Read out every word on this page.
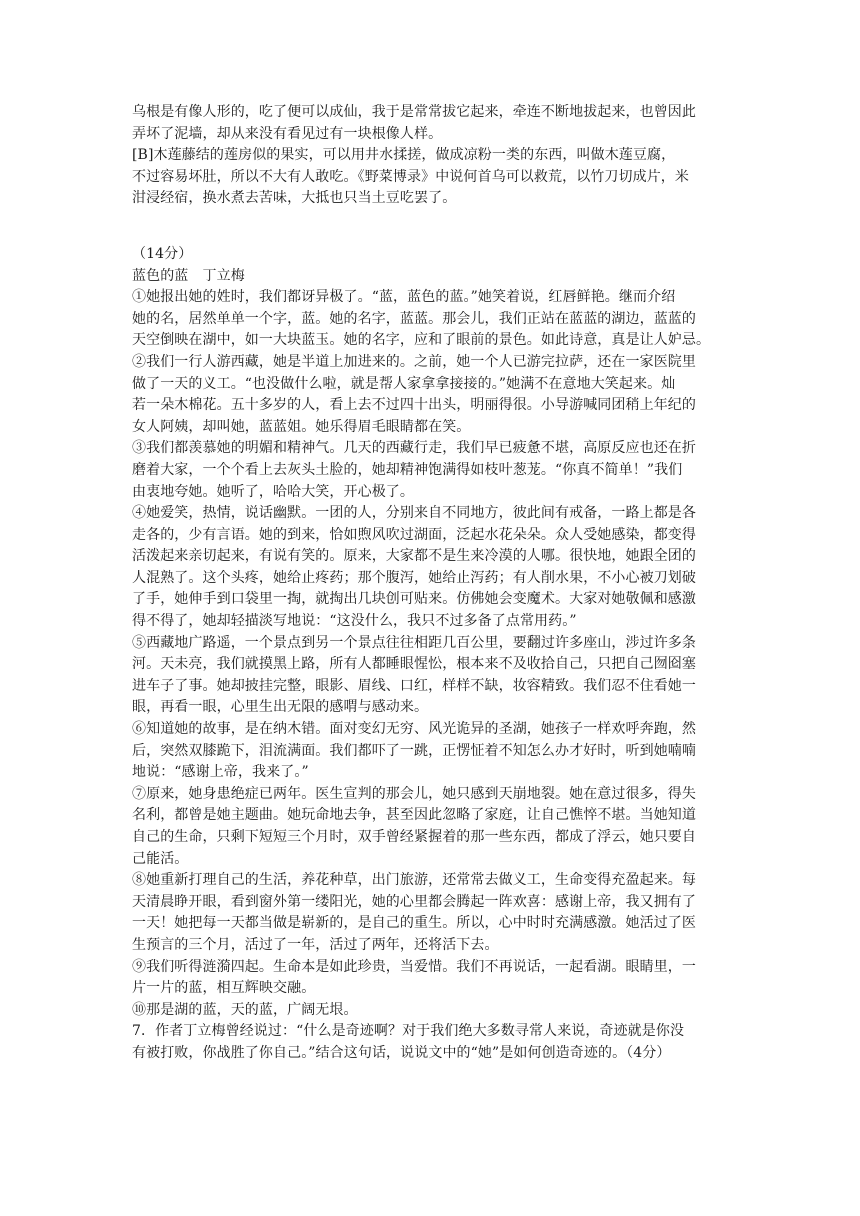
乌根是有像人形的，吃了便可以成仙，我于是常常拔它起来，牵连不断地拔起来，也曾因此
弄坏了泥墙，却从来没有看见过有一块根像人样。
[B]木莲藤结的莲房似的果实，可以用井水揉搓，做成凉粉一类的东西，叫做木莲豆腐，
不过容易坏肚，所以不大有人敢吃。《野菜博录》中说何首乌可以救荒，以竹刀切成片，米
泔浸经宿，换水煮去苦味，大抵也只当土豆吃罢了。
（14分）
蓝色的蓝　丁立梅
①她报出她的姓时，我们都讶异极了。“蓝，蓝色的蓝。”她笑着说，红唇鲜艳。继而介绍
她的名，居然单单一个字，蓝。她的名字，蓝蓝。那会儿，我们正站在蓝蓝的湖边，蓝蓝的
天空倒映在湖中，如一大块蓝玉。她的名字，应和了眼前的景色。如此诗意，真是让人妒忌。
②我们一行人游西藏，她是半道上加进来的。之前，她一个人已游完拉萨，还在一家医院里
做了一天的义工。“也没做什么啦，就是帮人家拿拿接接的。”她满不在意地大笑起来。灿
若一朵木棉花。五十多岁的人，看上去不过四十出头，明丽得很。小导游喊同团稍上年纪的
女人阿姨，却叫她，蓝蓝姐。她乐得眉毛眼睛都在笑。
③我们都羡慕她的明媚和精神气。几天的西藏行走，我们早已疲惫不堪，高原反应也还在折
磨着大家，一个个看上去灰头土脸的，她却精神饱满得如枝叶葱茏。“你真不简单！”我们
由衷地夸她。她听了，哈哈大笑，开心极了。
④她爱笑，热情，说话幽默。一团的人，分别来自不同地方，彼此间有戒备，一路上都是各
走各的，少有言语。她的到来，恰如煦风吹过湖面，泛起水花朵朵。众人受她感染，都变得
活泼起来亲切起来，有说有笑的。原来，大家都不是生来冷漠的人哪。很快地，她跟全团的
人混熟了。这个头疼，她给止疼药；那个腹泻，她给止泻药；有人削水果，不小心被刀划破
了手，她伸手到口袋里一掏，就掏出几块创可贴来。仿佛她会变魔术。大家对她敬佩和感激
得不得了，她却轻描淡写地说：“这没什么，我只不过多备了点常用药。”
⑤西藏地广路遥，一个景点到另一个景点往往相距几百公里，要翻过许多座山，涉过许多条
河。天未亮，我们就摸黑上路，所有人都睡眼惺忪，根本来不及收拾自己，只把自己囫囵塞
进车子了事。她却披挂完整，眼影、眉线、口红，样样不缺，妆容精致。我们忍不住看她一
眼，再看一眼，心里生出无限的感喟与感动来。
⑥知道她的故事，是在纳木错。面对变幻无穷、风光诡异的圣湖，她孩子一样欢呼奔跑，然
后，突然双膝跪下，泪流满面。我们都吓了一跳，正愣怔着不知怎么办才好时，听到她喃喃
地说：“感谢上帝，我来了。”
⑦原来，她身患绝症已两年。医生宣判的那会儿，她只感到天崩地裂。她在意过很多，得失
名利，都曾是她主题曲。她玩命地去争，甚至因此忽略了家庭，让自己憔悴不堪。当她知道
自己的生命，只剩下短短三个月时，双手曾经紧握着的那一些东西，都成了浮云，她只要自
己能活。
⑧她重新打理自己的生活，养花种草，出门旅游，还常常去做义工，生命变得充盈起来。每
天清晨睁开眼，看到窗外第一缕阳光，她的心里都会腾起一阵欢喜：感谢上帝，我又拥有了
一天！她把每一天都当做是崭新的，是自己的重生。所以，心中时时充满感激。她活过了医
生预言的三个月，活过了一年，活过了两年，还将活下去。
⑨我们听得涟漪四起。生命本是如此珍贵，当爱惜。我们不再说话，一起看湖。眼睛里，一
片一片的蓝，相互辉映交融。
⑩那是湖的蓝，天的蓝，广阔无垠。
7．作者丁立梅曾经说过：“什么是奇迹啊？对于我们绝大多数寻常人来说，奇迹就是你没
有被打败，你战胜了你自己。”结合这句话，说说文中的“她”是如何创造奇迹的。（4分）
